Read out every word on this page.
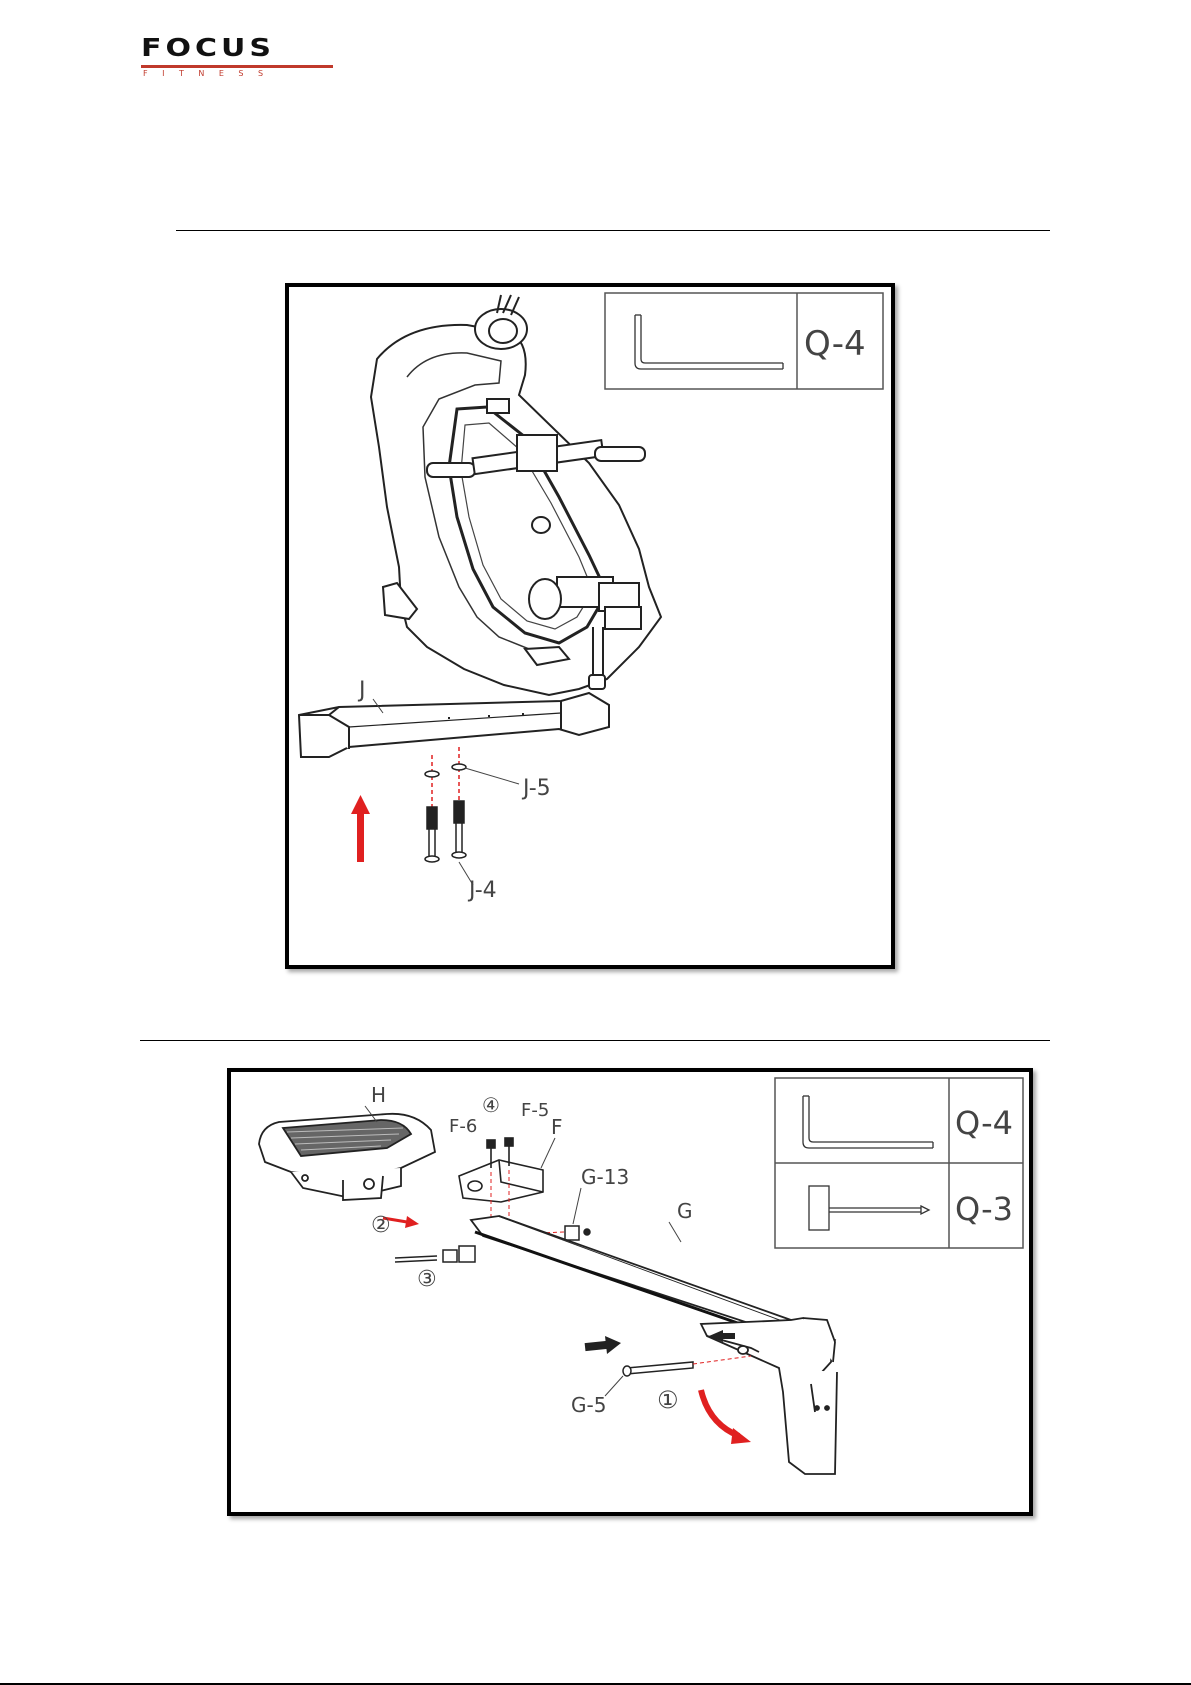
FOCUS
FITNESS
Q-4
J
J-5
J-4
Q-4
Q-3
H	④ F-5
F-6	F
G-13
G
G-5
③
②
①
